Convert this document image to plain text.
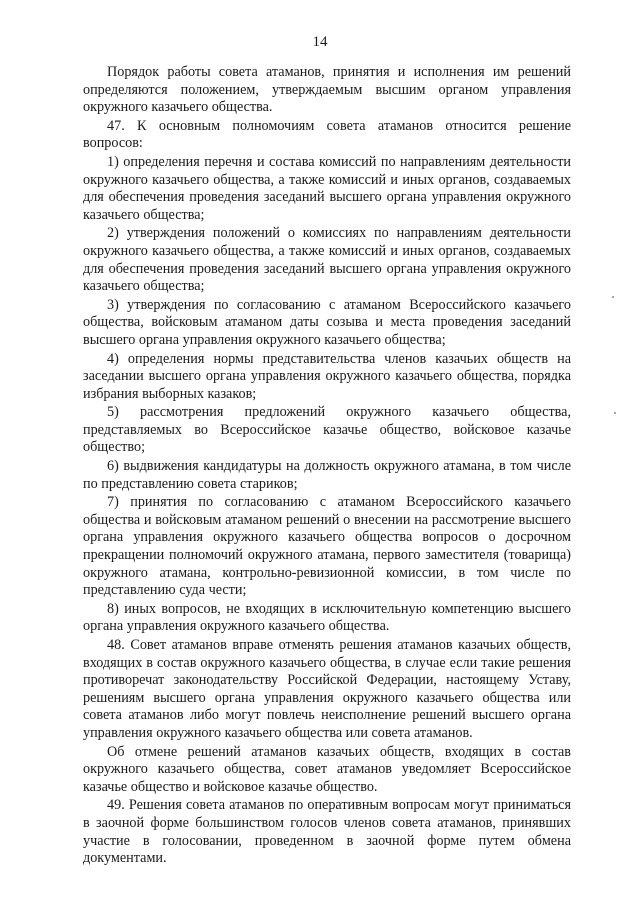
14

Порядок работы совета атаманов, принятия и исполнения им решений определяются положением, утверждаемым высшим органом управления окружного казачьего общества.

47. К основным полномочиям совета атаманов относится решение вопросов:

1) определения перечня и состава комиссий по направлениям деятельности окружного казачьего общества, а также комиссий и иных органов, создаваемых для обеспечения проведения заседаний высшего органа управления окружного казачьего общества;

2) утверждения положений о комиссиях по направлениям деятельности окружного казачьего общества, а также комиссий и иных органов, создаваемых для обеспечения проведения заседаний высшего органа управления окружного казачьего общества;

3) утверждения по согласованию с атаманом Всероссийского казачьего общества, войсковым атаманом даты созыва и места проведения заседаний высшего органа управления окружного казачьего общества;

4) определения нормы представительства членов казачьих обществ на заседании высшего органа управления окружного казачьего общества, порядка избрания выборных казаков;

5) рассмотрения предложений окружного казачьего общества, представляемых во Всероссийское казачье общество, войсковое казачье общество;

6) выдвижения кандидатуры на должность окружного атамана, в том числе по представлению совета стариков;

7) принятия по согласованию с атаманом Всероссийского казачьего общества и войсковым атаманом решений о внесении на рассмотрение высшего органа управления окружного казачьего общества вопросов о досрочном прекращении полномочий окружного атамана, первого заместителя (товарища) окружного атамана, контрольно-ревизионной комиссии, в том числе по представлению суда чести;

8) иных вопросов, не входящих в исключительную компетенцию высшего органа управления окружного казачьего общества.

48. Совет атаманов вправе отменять решения атаманов казачьих обществ, входящих в состав окружного казачьего общества, в случае если такие решения противоречат законодательству Российской Федерации, настоящему Уставу, решениям высшего органа управления окружного казачьего общества или совета атаманов либо могут повлечь неисполнение решений высшего органа управления окружного казачьего общества или совета атаманов.

Об отмене решений атаманов казачьих обществ, входящих в состав окружного казачьего общества, совет атаманов уведомляет Всероссийское казачье общество и войсковое казачье общество.

49. Решения совета атаманов по оперативным вопросам могут приниматься в заочной форме большинством голосов членов совета атаманов, принявших участие в голосовании, проведенном в заочной форме путем обмена документами.
